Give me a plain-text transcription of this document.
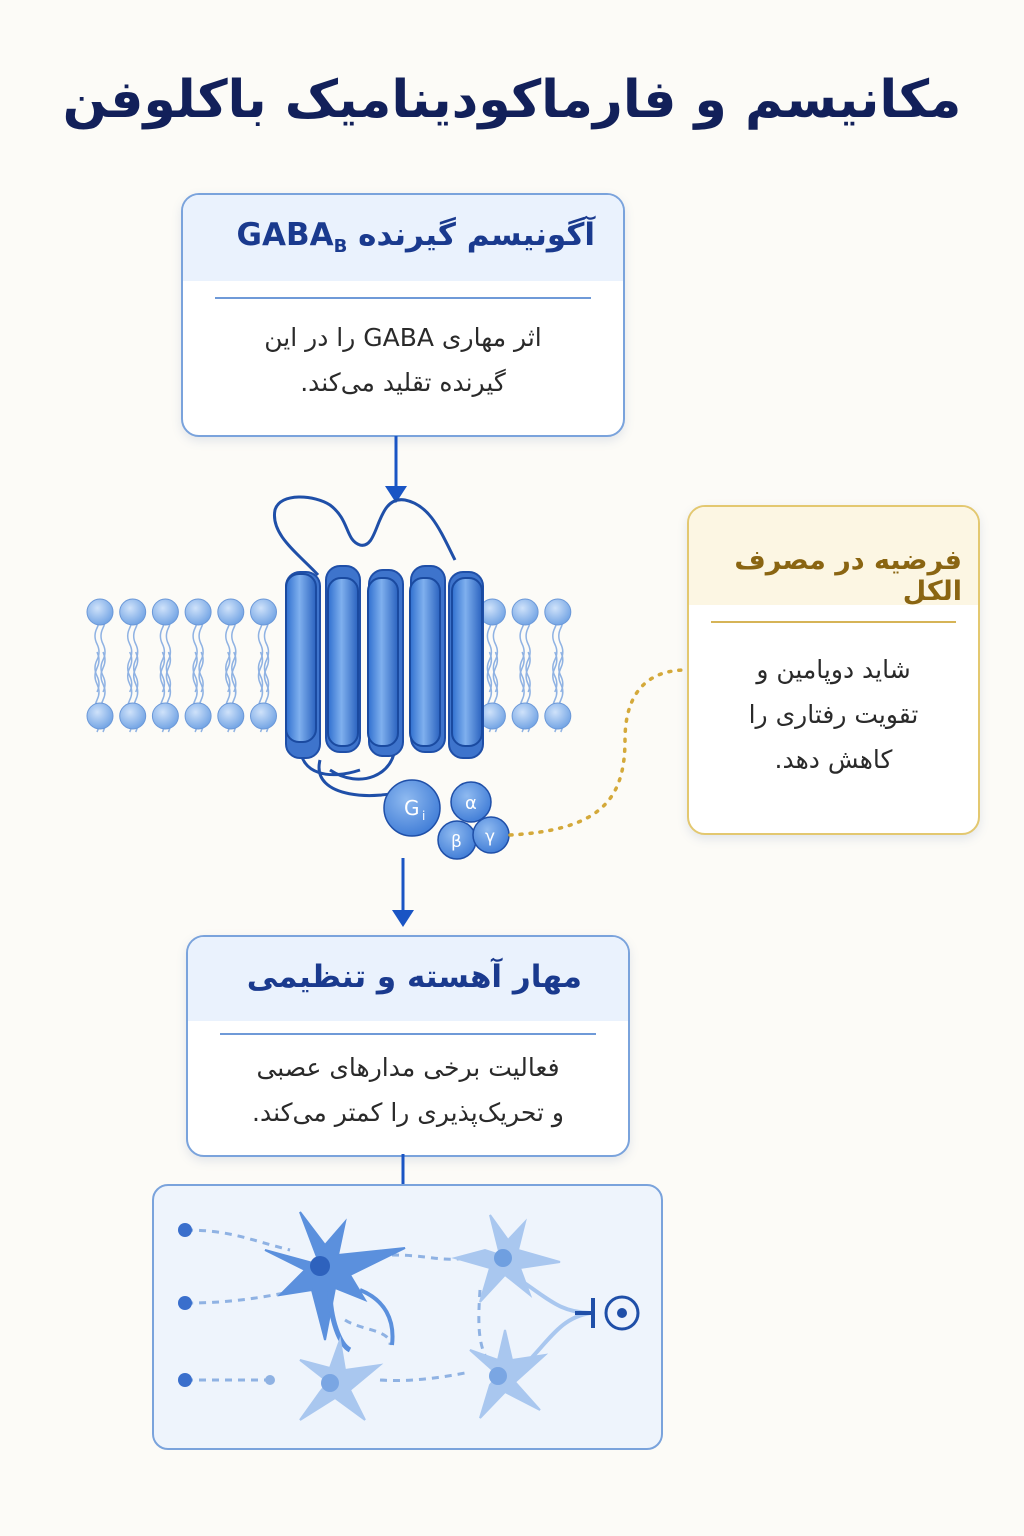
مکانیسم و فارماکودینامیک باکلوفن
آگونیسم گیرنده $GABA_B$
اثر مهاری GABA را در این
گیرنده تقلید می‌کند.
فرضیه در مصرف الکل
شاید دوپامین و
تقویت رفتاری را
کاهش دهد.
مهار آهسته و تنظیمی
فعالیت برخی مدارهای عصبی
و تحریک‌پذیری را کمتر می‌کند.
G i
α
β γ
